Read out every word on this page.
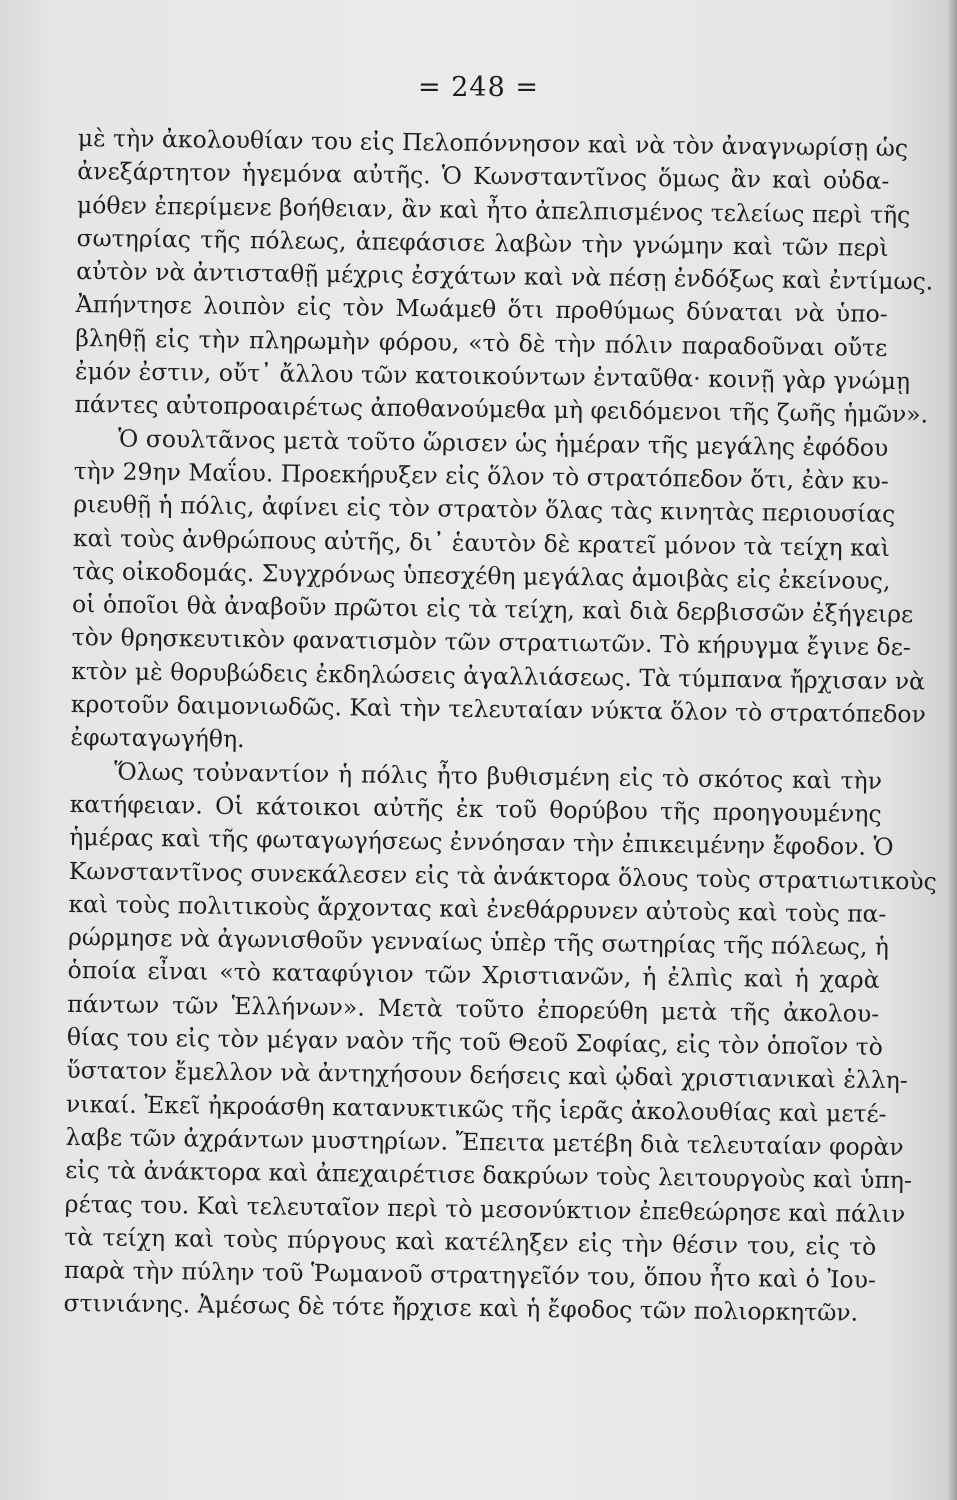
= 248 =
μὲ τὴν ἀκολουθίαν του εἰς Πελοπόννησον καὶ νὰ τὸν ἀναγνωρίσῃ ὡς
ἀνεξάρτητον ἡγεμόνα αὐτῆς. Ὁ Κωνσταντῖνος ὅμως ἂν καὶ οὐδα-
μόθεν ἐπερίμενε βοήθειαν, ἂν καὶ ἦτο ἀπελπισμένος τελείως περὶ τῆς
σωτηρίας τῆς πόλεως, ἀπεφάσισε λαβὼν τὴν γνώμην καὶ τῶν περὶ
αὐτὸν νὰ ἀντισταθῇ μέχρις ἐσχάτων καὶ νὰ πέσῃ ἐνδόξως καὶ ἐντίμως.
Ἀπήντησε λοιπὸν εἰς τὸν Μωάμεθ ὅτι προθύμως δύναται νὰ ὑπο-
βληθῇ εἰς τὴν πληρωμὴν φόρου, «τὸ δὲ τὴν πόλιν παραδοῦναι οὔτε
ἐμόν ἐστιν, οὔτ᾿ ἄλλου τῶν κατοικούντων ἐνταῦθα· κοινῇ γὰρ γνώμῃ
πάντες αὐτοπροαιρέτως ἀποθανούμεθα μὴ φειδόμενοι τῆς ζωῆς ἡμῶν».
Ὁ σουλτᾶνος μετὰ τοῦτο ὥρισεν ὡς ἡμέραν τῆς μεγάλης ἐφόδου
τὴν 29ην Μαΐου. Προεκήρυξεν εἰς ὅλον τὸ στρατόπεδον ὅτι, ἐὰν κυ-
ριευθῇ ἡ πόλις, ἀφίνει εἰς τὸν στρατὸν ὅλας τὰς κινητὰς περιουσίας
καὶ τοὺς ἀνθρώπους αὐτῆς, δι᾿ ἑαυτὸν δὲ κρατεῖ μόνον τὰ τείχη καὶ
τὰς οἰκοδομάς. Συγχρόνως ὑπεσχέθη μεγάλας ἀμοιβὰς εἰς ἐκείνους,
οἱ ὁποῖοι θὰ ἀναβοῦν πρῶτοι εἰς τὰ τείχη, καὶ διὰ δερβισσῶν ἐξήγειρε
τὸν θρησκευτικὸν φανατισμὸν τῶν στρατιωτῶν. Τὸ κήρυγμα ἔγινε δε-
κτὸν μὲ θορυβώδεις ἐκδηλώσεις ἀγαλλιάσεως. Τὰ τύμπανα ἤρχισαν νὰ
κροτοῦν δαιμονιωδῶς. Καὶ τὴν τελευταίαν νύκτα ὅλον τὸ στρατόπεδον
ἐφωταγωγήθη.
Ὅλως τοὐναντίον ἡ πόλις ἦτο βυθισμένη εἰς τὸ σκότος καὶ τὴν
κατήφειαν. Οἱ κάτοικοι αὐτῆς ἐκ τοῦ θορύβου τῆς προηγουμένης
ἡμέρας καὶ τῆς φωταγωγήσεως ἐννόησαν τὴν ἐπικειμένην ἔφοδον. Ὁ
Κωνσταντῖνος συνεκάλεσεν εἰς τὰ ἀνάκτορα ὅλους τοὺς στρατιωτικοὺς
καὶ τοὺς πολιτικοὺς ἄρχοντας καὶ ἐνεθάρρυνεν αὐτοὺς καὶ τοὺς πα-
ρώρμησε νὰ ἀγωνισθοῦν γενναίως ὑπὲρ τῆς σωτηρίας τῆς πόλεως, ἡ
ὁποία εἶναι «τὸ καταφύγιον τῶν Χριστιανῶν, ἡ ἐλπὶς καὶ ἡ χαρὰ
πάντων τῶν Ἑλλήνων». Μετὰ τοῦτο ἐπορεύθη μετὰ τῆς ἀκολου-
θίας του εἰς τὸν μέγαν ναὸν τῆς τοῦ Θεοῦ Σοφίας, εἰς τὸν ὁποῖον τὸ
ὕστατον ἔμελλον νὰ ἀντηχήσουν δεήσεις καὶ ᾠδαὶ χριστιανικαὶ ἑλλη-
νικαί. Ἐκεῖ ἠκροάσθη κατανυκτικῶς τῆς ἱερᾶς ἀκολουθίας καὶ μετέ-
λαβε τῶν ἀχράντων μυστηρίων. Ἔπειτα μετέβη διὰ τελευταίαν φορὰν
εἰς τὰ ἀνάκτορα καὶ ἀπεχαιρέτισε δακρύων τοὺς λειτουργοὺς καὶ ὑπη-
ρέτας του. Καὶ τελευταῖον περὶ τὸ μεσονύκτιον ἐπεθεώρησε καὶ πάλιν
τὰ τείχη καὶ τοὺς πύργους καὶ κατέληξεν εἰς τὴν θέσιν του, εἰς τὸ
παρὰ τὴν πύλην τοῦ Ῥωμανοῦ στρατηγεῖόν του, ὅπου ἦτο καὶ ὁ Ἰου-
στινιάνης. Ἀμέσως δὲ τότε ἤρχισε καὶ ἡ ἔφοδος τῶν πολιορκητῶν.
